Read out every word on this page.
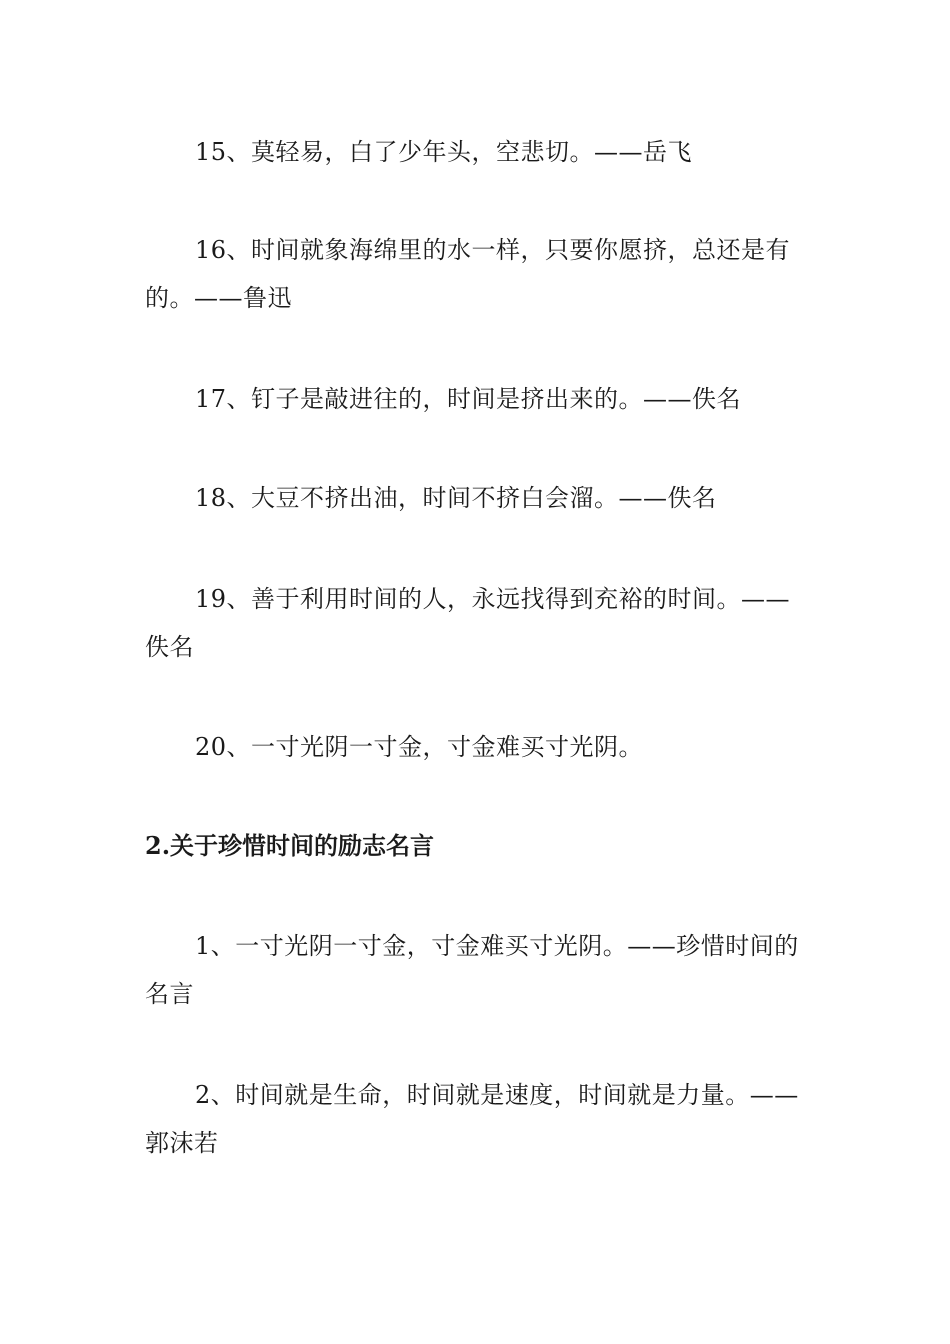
15、莫轻易，白了少年头，空悲切。——岳飞

16、时间就象海绵里的水一样，只要你愿挤，总还是有的。——鲁迅

17、钉子是敲进往的，时间是挤出来的。——佚名

18、大豆不挤出油，时间不挤白会溜。——佚名

19、善于利用时间的人，永远找得到充裕的时间。——佚名

20、一寸光阴一寸金，寸金难买寸光阴。

2.关于珍惜时间的励志名言

1、一寸光阴一寸金，寸金难买寸光阴。——珍惜时间的名言

2、时间就是生命，时间就是速度，时间就是力量。——郭沫若
